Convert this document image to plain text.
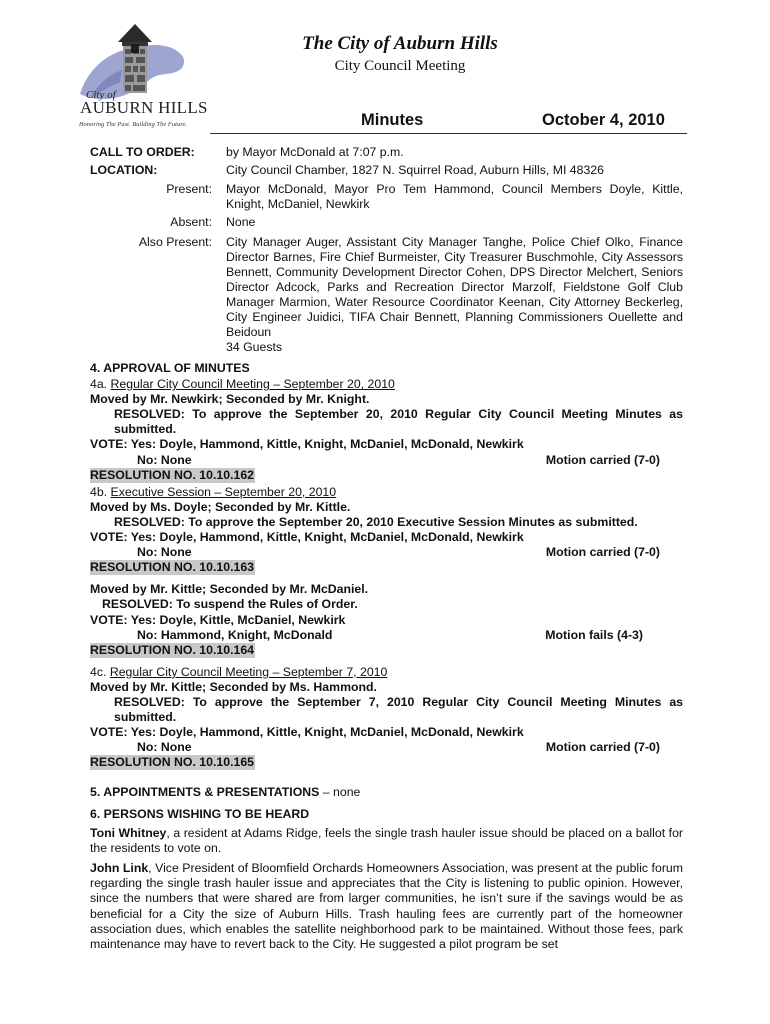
City of
AUBURN HILLS
Honoring The Past. Building The Future.
The City of Auburn Hills
City Council Meeting
Minutes	October 4, 2010
CALL TO ORDER:	by Mayor McDonald at 7:07 p.m.
LOCATION:	City Council Chamber, 1827 N. Squirrel Road, Auburn Hills, MI 48326
Present: Mayor McDonald, Mayor Pro Tem Hammond, Council Members Doyle, Kittle, Knight, McDaniel, Newkirk
Absent: None
Also Present: City Manager Auger, Assistant City Manager Tanghe, Police Chief Olko, Finance Director Barnes, Fire Chief Burmeister, City Treasurer Buschmohle, City Assessors Bennett, Community Development Director Cohen, DPS Director Melchert, Seniors Director Adcock, Parks and Recreation Director Marzolf, Fieldstone Golf Club Manager Marmion, Water Resource Coordinator Keenan, City Attorney Beckerleg, City Engineer Juidici, TIFA Chair Bennett, Planning Commissioners Ouellette and Beidoun
34 Guests
4. APPROVAL OF MINUTES
4a. Regular City Council Meeting – September 20, 2010
Moved by Mr. Newkirk; Seconded by Mr. Knight.
RESOLVED: To approve the September 20, 2010 Regular City Council Meeting Minutes as submitted.
VOTE: Yes: Doyle, Hammond, Kittle, Knight, McDaniel, McDonald, Newkirk
Motion carried (7-0)
No: None
RESOLUTION NO. 10.10.162
4b. Executive Session – September 20, 2010
Moved by Ms. Doyle; Seconded by Mr. Kittle.
RESOLVED: To approve the September 20, 2010 Executive Session Minutes as submitted.
VOTE: Yes: Doyle, Hammond, Kittle, Knight, McDaniel, McDonald, Newkirk
Motion carried (7-0)
No: None
RESOLUTION NO. 10.10.163
Moved by Mr. Kittle; Seconded by Mr. McDaniel.
RESOLVED: To suspend the Rules of Order.
VOTE: Yes: Doyle, Kittle, McDaniel, Newkirk
Motion fails (4-3)
No: Hammond, Knight, McDonald
RESOLUTION NO. 10.10.164
4c. Regular City Council Meeting – September 7, 2010
Moved by Mr. Kittle; Seconded by Ms. Hammond.
RESOLVED: To approve the September 7, 2010 Regular City Council Meeting Minutes as submitted.
VOTE: Yes: Doyle, Hammond, Kittle, Knight, McDaniel, McDonald, Newkirk
Motion carried (7-0)
No: None
RESOLUTION NO. 10.10.165
5. APPOINTMENTS & PRESENTATIONS – none
6. PERSONS WISHING TO BE HEARD
Toni Whitney, a resident at Adams Ridge, feels the single trash hauler issue should be placed on a ballot for the residents to vote on.
John Link, Vice President of Bloomfield Orchards Homeowners Association, was present at the public forum regarding the single trash hauler issue and appreciates that the City is listening to public opinion. However, since the numbers that were shared are from larger communities, he isn’t sure if the savings would be as beneficial for a City the size of Auburn Hills. Trash hauling fees are currently part of the homeowner association dues, which enables the satellite neighborhood park to be maintained. Without those fees, park maintenance may have to revert back to the City. He suggested a pilot program be set
